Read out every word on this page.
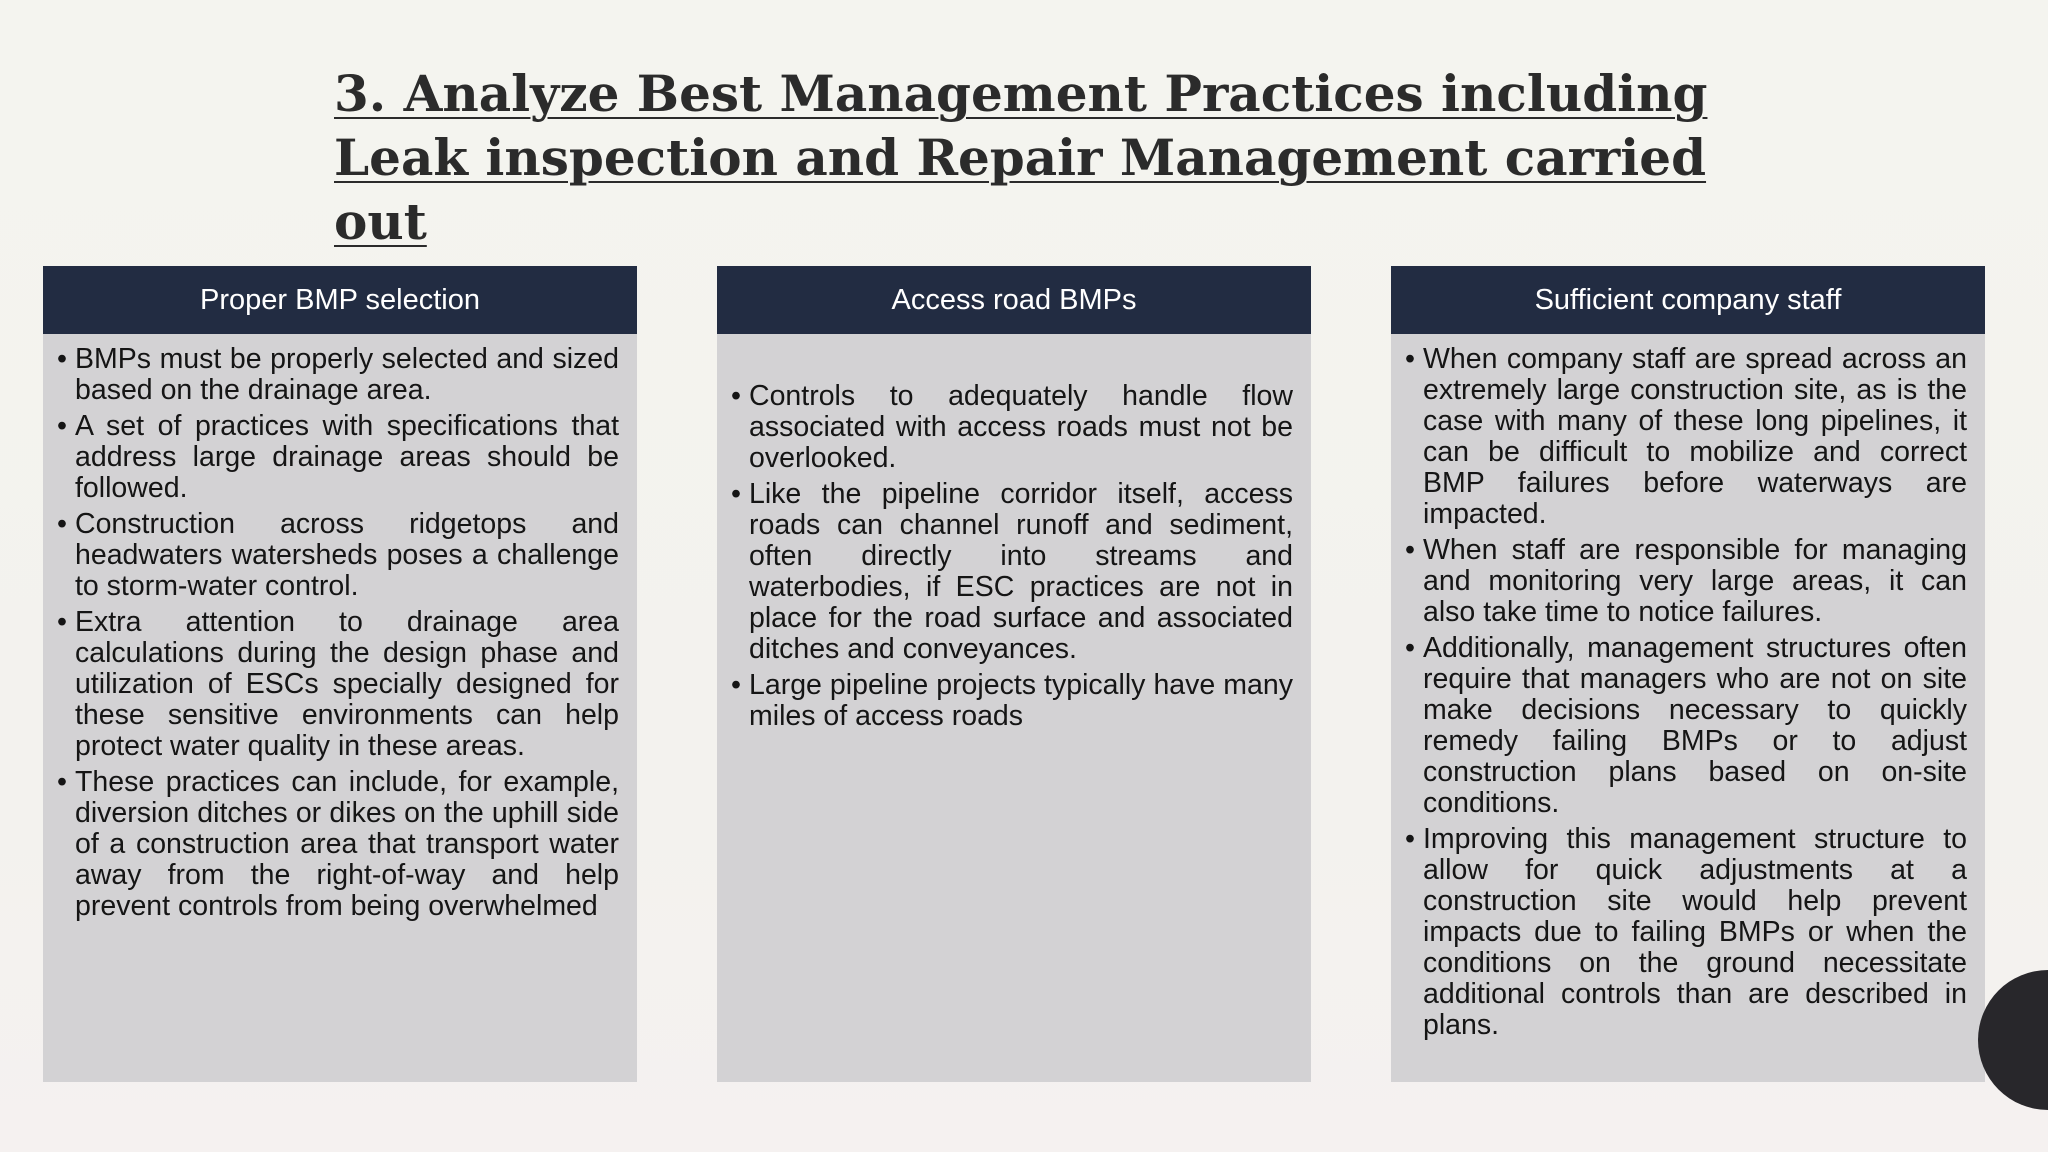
3. Analyze Best Management Practices including Leak inspection and Repair Management carried out
Proper BMP selection
• BMPs must be properly selected and sized based on the drainage area.
• A set of practices with specifications that address large drainage areas should be followed.
• Construction across ridgetops and headwaters watersheds poses a challenge to storm-water control.
• Extra attention to drainage area calculations during the design phase and utilization of ESCs specially designed for these sensitive environments can help protect water quality in these areas.
• These practices can include, for example, diversion ditches or dikes on the uphill side of a construction area that transport water away from the right-of-way and help prevent controls from being overwhelmed
Access road BMPs
• Controls to adequately handle flow associated with access roads must not be overlooked.
• Like the pipeline corridor itself, access roads can channel runoff and sediment, often directly into streams and waterbodies, if ESC practices are not in place for the road surface and associated ditches and conveyances.
• Large pipeline projects typically have many miles of access roads
Sufficient company staff
• When company staff are spread across an extremely large construction site, as is the case with many of these long pipelines, it can be difficult to mobilize and correct BMP failures before waterways are impacted.
• When staff are responsible for managing and monitoring very large areas, it can also take time to notice failures.
• Additionally, management structures often require that managers who are not on site make decisions necessary to quickly remedy failing BMPs or to adjust construction plans based on on-site conditions.
• Improving this management structure to allow for quick adjustments at a construction site would help prevent impacts due to failing BMPs or when the conditions on the ground necessitate additional controls than are described in plans.
